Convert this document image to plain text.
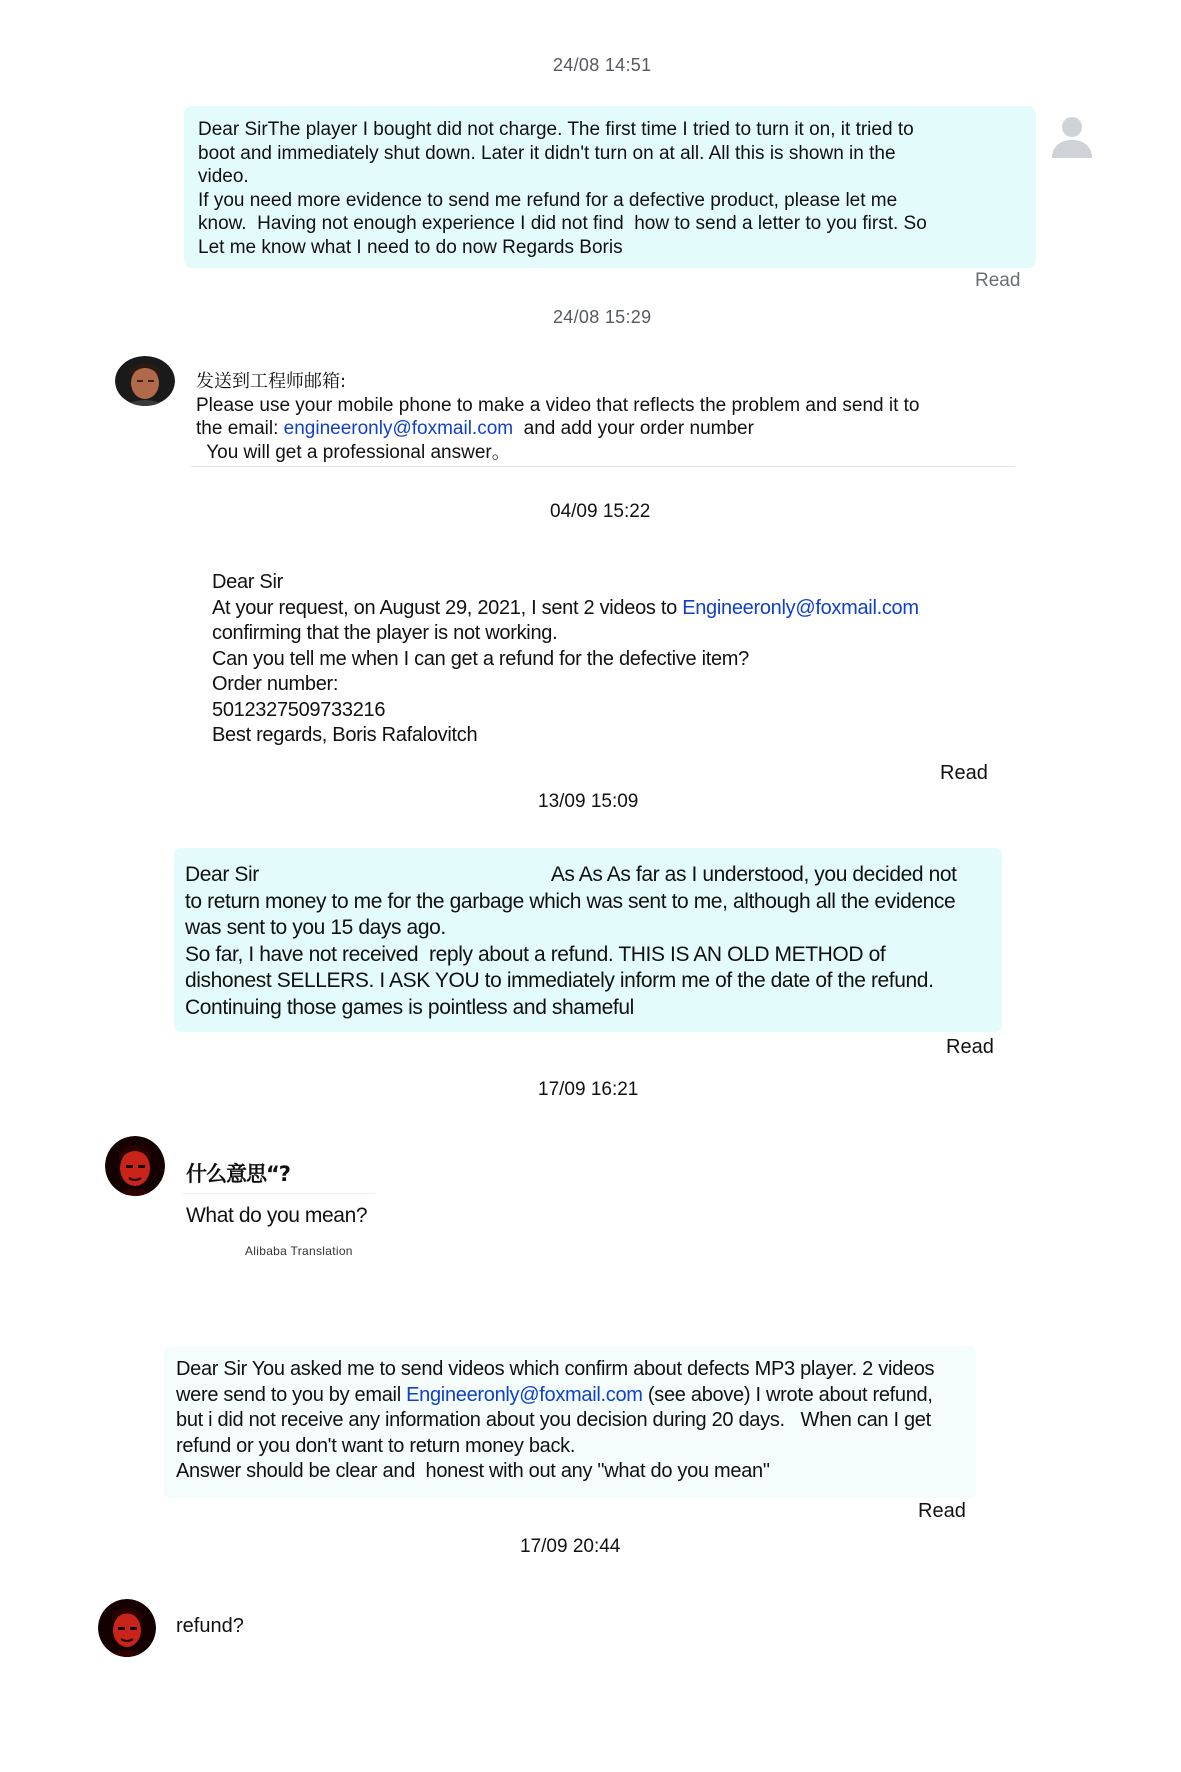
24/08 14:51
Dear SirThe player I bought did not charge. The first time I tried to turn it on, it tried to
boot and immediately shut down. Later it didn't turn on at all. All this is shown in the
video.
If you need more evidence to send me refund for a defective product, please let me
know.  Having not enough experience I did not find  how to send a letter to you first. So
Let me know what I need to do now Regards Boris
Read
24/08 15:29
发送到工程师邮箱:
Please use your mobile phone to make a video that reflects the problem and send it to
the email: engineeronly@foxmail.com  and add your order number
You will get a professional answer。
04/09 15:22
Dear Sir
At your request, on August 29, 2021, I sent 2 videos to Engineeronly@foxmail.com
confirming that the player is not working.
Can you tell me when I can get a refund for the defective item?
Order number:
5012327509733216
Best regards, Boris Rafalovitch
Read
13/09 15:09
Dear Sir	As As As far as I understood, you decided not
to return money to me for the garbage which was sent to me, although all the evidence
was sent to you 15 days ago.
So far, I have not received  reply about a refund. THIS IS AN OLD METHOD of
dishonest SELLERS. I ASK YOU to immediately inform me of the date of the refund.
Continuing those games is pointless and shameful
Read
17/09 16:21
什么意思“?
What do you mean?
Alibaba Translation
Dear Sir You asked me to send videos which confirm about defects MP3 player. 2 videos
were send to you by email Engineeronly@foxmail.com (see above) I wrote about refund,
but i did not receive any information about you decision during 20 days.   When can I get
refund or you don't want to return money back.
Answer should be clear and  honest with out any "what do you mean"
Read
17/09 20:44
refund?
